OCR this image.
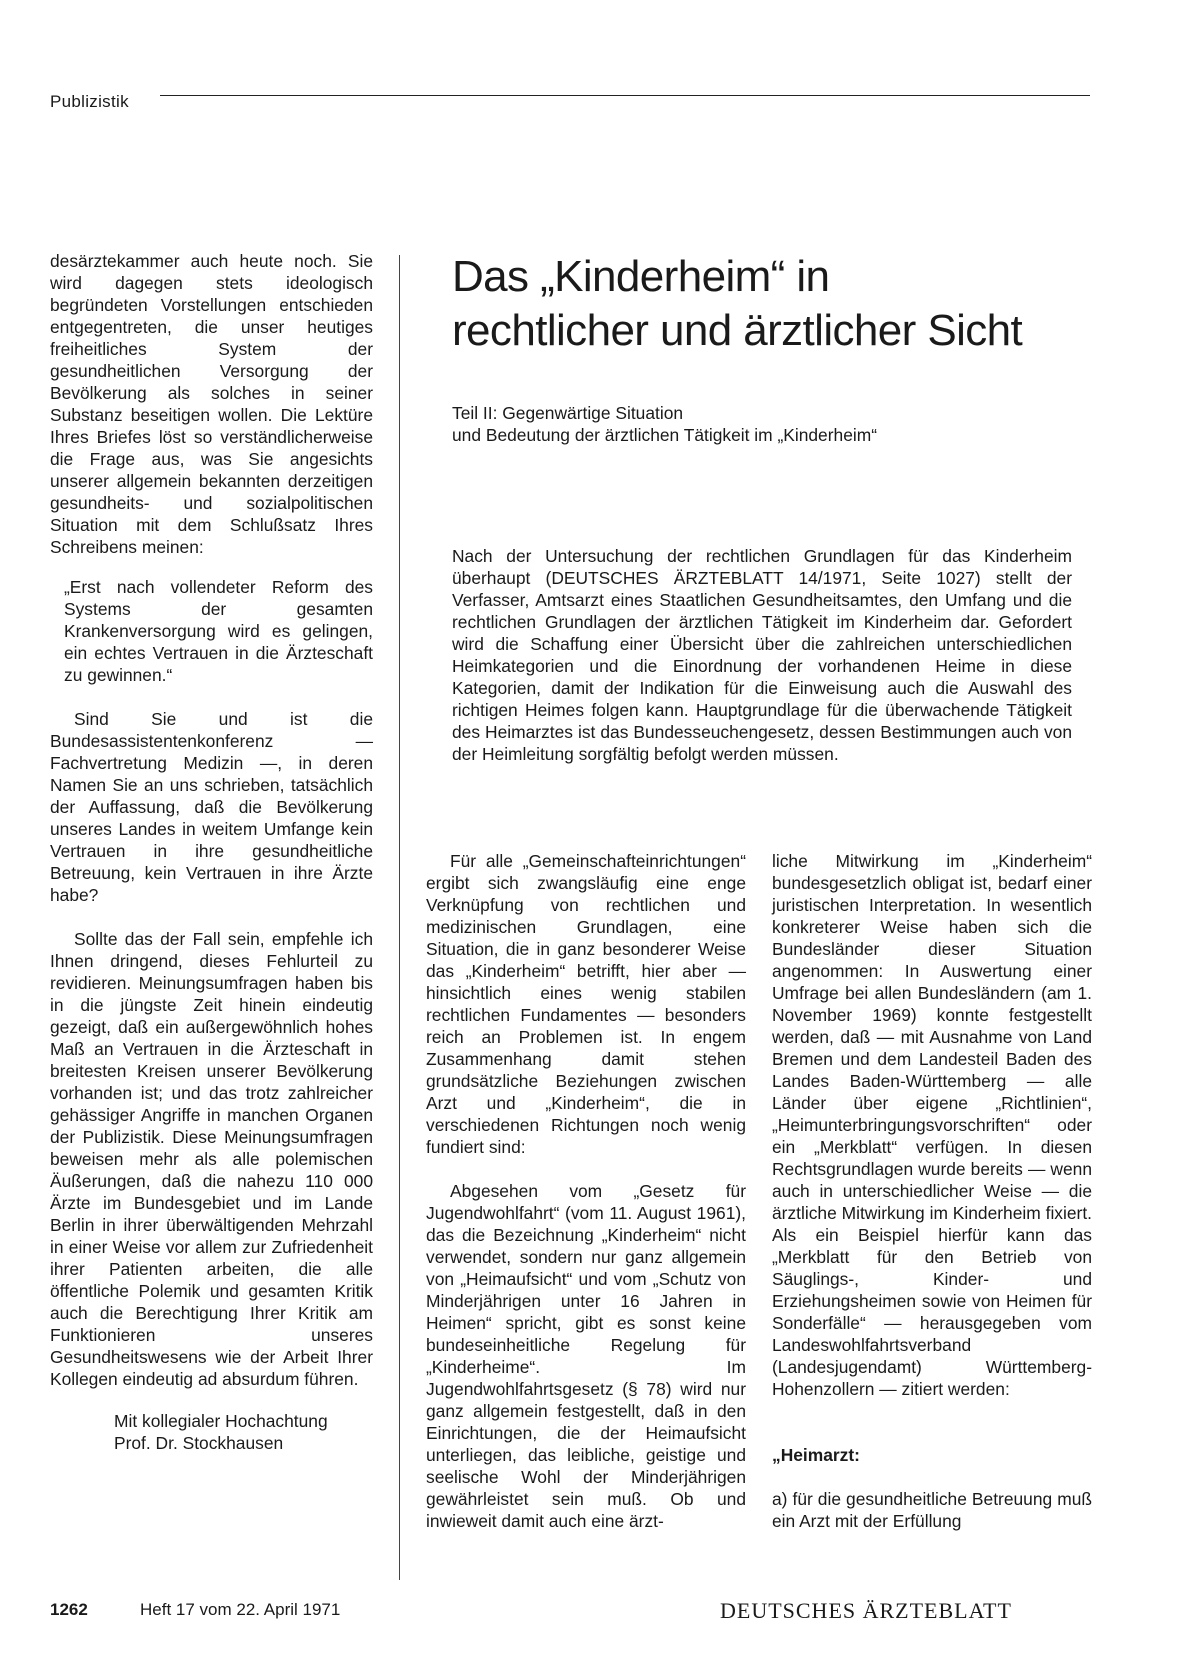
Publizistik

desärztekammer auch heute noch. Sie wird dagegen stets ideologisch begründeten Vorstellungen entschieden entgegentreten, die unser heutiges freiheitliches System der gesundheitlichen Versorgung der Bevölkerung als solches in seiner Substanz beseitigen wollen. Die Lektüre Ihres Briefes löst so verständlicherweise die Frage aus, was Sie angesichts unserer allgemein bekannten derzeitigen gesundheits- und sozialpolitischen Situation mit dem Schlußsatz Ihres Schreibens meinen:

„Erst nach vollendeter Reform des Systems der gesamten Krankenversorgung wird es gelingen, ein echtes Vertrauen in die Ärzteschaft zu gewinnen.“

Sind Sie und ist die Bundesassistentenkonferenz — Fachvertretung Medizin —, in deren Namen Sie an uns schrieben, tatsächlich der Auffassung, daß die Bevölkerung unseres Landes in weitem Umfange kein Vertrauen in ihre gesundheitliche Betreuung, kein Vertrauen in ihre Ärzte habe?

Sollte das der Fall sein, empfehle ich Ihnen dringend, dieses Fehlurteil zu revidieren. Meinungsumfragen haben bis in die jüngste Zeit hinein eindeutig gezeigt, daß ein außergewöhnlich hohes Maß an Vertrauen in die Ärzteschaft in breitesten Kreisen unserer Bevölkerung vorhanden ist; und das trotz zahlreicher gehässiger Angriffe in manchen Organen der Publizistik. Diese Meinungsumfragen beweisen mehr als alle polemischen Äußerungen, daß die nahezu 110 000 Ärzte im Bundesgebiet und im Lande Berlin in ihrer überwältigenden Mehrzahl in einer Weise vor allem zur Zufriedenheit ihrer Patienten arbeiten, die alle öffentliche Polemik und gesamten Kritik auch die Berechtigung Ihrer Kritik am Funktionieren unseres Gesundheitswesens wie der Arbeit Ihrer Kollegen eindeutig ad absurdum führen.

Mit kollegialer Hochachtung

Prof. Dr. Stockhausen

Das „Kinderheim“ in
rechtlicher und ärztlicher Sicht
Teil II: Gegenwärtige Situation
und Bedeutung der ärztlichen Tätigkeit im „Kinderheim“
Nach der Untersuchung der rechtlichen Grundlagen für das Kinderheim überhaupt (DEUTSCHES ÄRZTEBLATT 14/1971, Seite 1027) stellt der Verfasser, Amtsarzt eines Staatlichen Gesundheitsamtes, den Umfang und die rechtlichen Grundlagen der ärztlichen Tätigkeit im Kinderheim dar. Gefordert wird die Schaffung einer Übersicht über die zahlreichen unterschiedlichen Heimkategorien und die Einordnung der vorhandenen Heime in diese Kategorien, damit der Indikation für die Einweisung auch die Auswahl des richtigen Heimes folgen kann. Hauptgrundlage für die überwachende Tätigkeit des Heimarztes ist das Bundesseuchengesetz, dessen Bestimmungen auch von der Heimleitung sorgfältig befolgt werden müssen.

Für alle „Gemeinschafteinrichtungen“ ergibt sich zwangsläufig eine enge Verknüpfung von rechtlichen und medizinischen Grundlagen, eine Situation, die in ganz besonderer Weise das „Kinderheim“ betrifft, hier aber — hinsichtlich eines wenig stabilen rechtlichen Fundamentes — besonders reich an Problemen ist. In engem Zusammenhang damit stehen grundsätzliche Beziehungen zwischen Arzt und „Kinderheim“, die in verschiedenen Richtungen noch wenig fundiert sind:

Abgesehen vom „Gesetz für Jugendwohlfahrt“ (vom 11. August 1961), das die Bezeichnung „Kinderheim“ nicht verwendet, sondern nur ganz allgemein von „Heimaufsicht“ und vom „Schutz von Minderjährigen unter 16 Jahren in Heimen“ spricht, gibt es sonst keine bundeseinheitliche Regelung für „Kinderheime“. Im Jugendwohlfahrtsgesetz (§ 78) wird nur ganz allgemein festgestellt, daß in den Einrichtungen, die der Heimaufsicht unterliegen, das leibliche, geistige und seelische Wohl der Minderjährigen gewährleistet sein muß. Ob und inwieweit damit auch eine ärzt-

liche Mitwirkung im „Kinderheim“ bundesgesetzlich obligat ist, bedarf einer juristischen Interpretation. In wesentlich konkreterer Weise haben sich die Bundesländer dieser Situation angenommen: In Auswertung einer Umfrage bei allen Bundesländern (am 1. November 1969) konnte festgestellt werden, daß — mit Ausnahme von Land Bremen und dem Landesteil Baden des Landes Baden-Württemberg — alle Länder über eigene „Richtlinien“, „Heimunterbringungsvorschriften“ oder ein „Merkblatt“ verfügen. In diesen Rechtsgrundlagen wurde bereits — wenn auch in unterschiedlicher Weise — die ärztliche Mitwirkung im Kinderheim fixiert. Als ein Beispiel hierfür kann das „Merkblatt für den Betrieb von Säuglings-, Kinder- und Erziehungsheimen sowie von Heimen für Sonderfälle“ — herausgegeben vom Landeswohlfahrtsverband (Landesjugendamt) Württemberg-Hohenzollern — zitiert werden:

„Heimarzt:

a) für die gesundheitliche Betreuung muß ein Arzt mit der Erfüllung

1262	Heft 17 vom 22. April 1971	DEUTSCHES ÄRZTEBLATT
